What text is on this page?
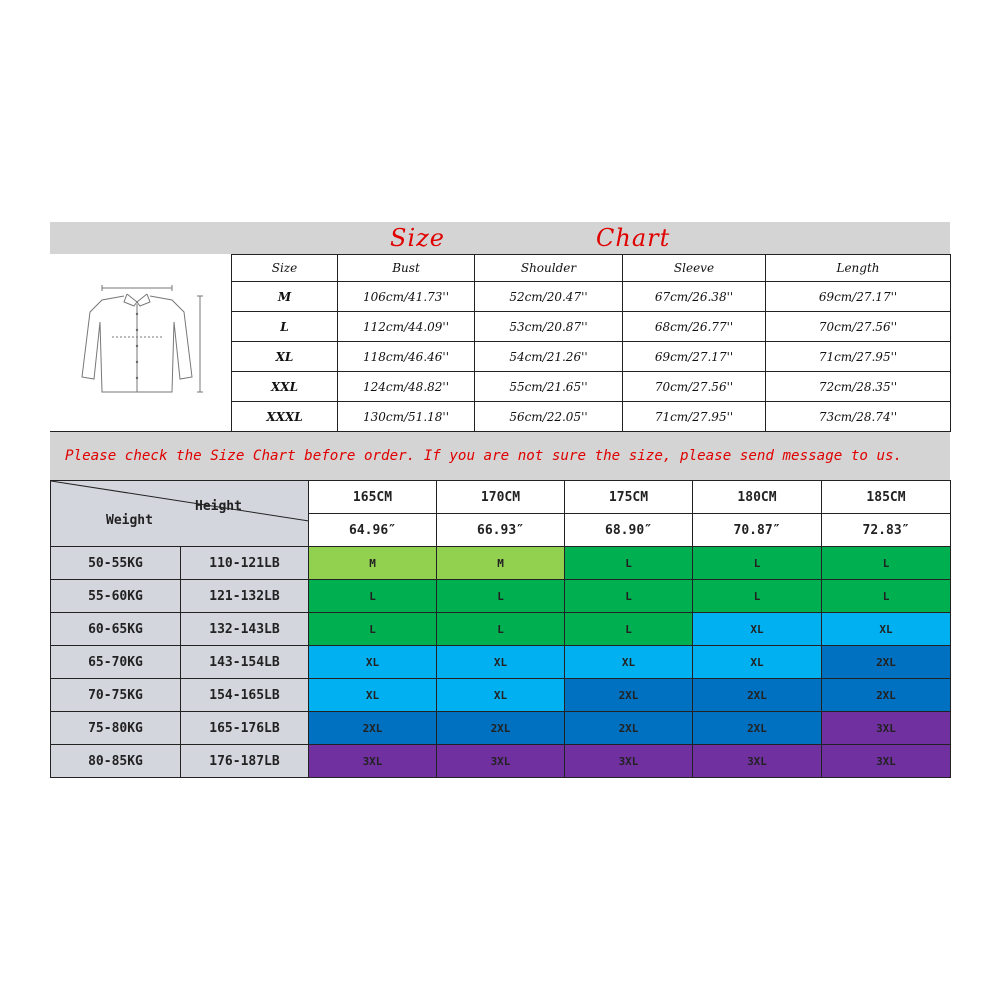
Size	Chart
Size	Bust	Shoulder	Sleeve	Length
M	106cm/41.73''	52cm/20.47''	67cm/26.38''	69cm/27.17''
L	112cm/44.09''	53cm/20.87''	68cm/26.77''	70cm/27.56''
XL	118cm/46.46''	54cm/21.26''	69cm/27.17''	71cm/27.95''
XXL	124cm/48.82''	55cm/21.65''	70cm/27.56''	72cm/28.35''
XXXL	130cm/51.18''	56cm/22.05''	71cm/27.95''	73cm/28.74''
Please check the Size Chart before order. If you are not sure the size, please send message to us.
Height
Weight		165CM	170CM	175CM	180CM	185CM
		64.96″	66.93″	68.90″	70.87″	72.83″
50-55KG	110-121LB	M	M	L	L	L
55-60KG	121-132LB	L	L	L	L	L
60-65KG	132-143LB	L	L	L	XL	XL
65-70KG	143-154LB	XL	XL	XL	XL	2XL
70-75KG	154-165LB	XL	XL	2XL	2XL	2XL
75-80KG	165-176LB	2XL	2XL	2XL	2XL	3XL
80-85KG	176-187LB	3XL	3XL	3XL	3XL	3XL
